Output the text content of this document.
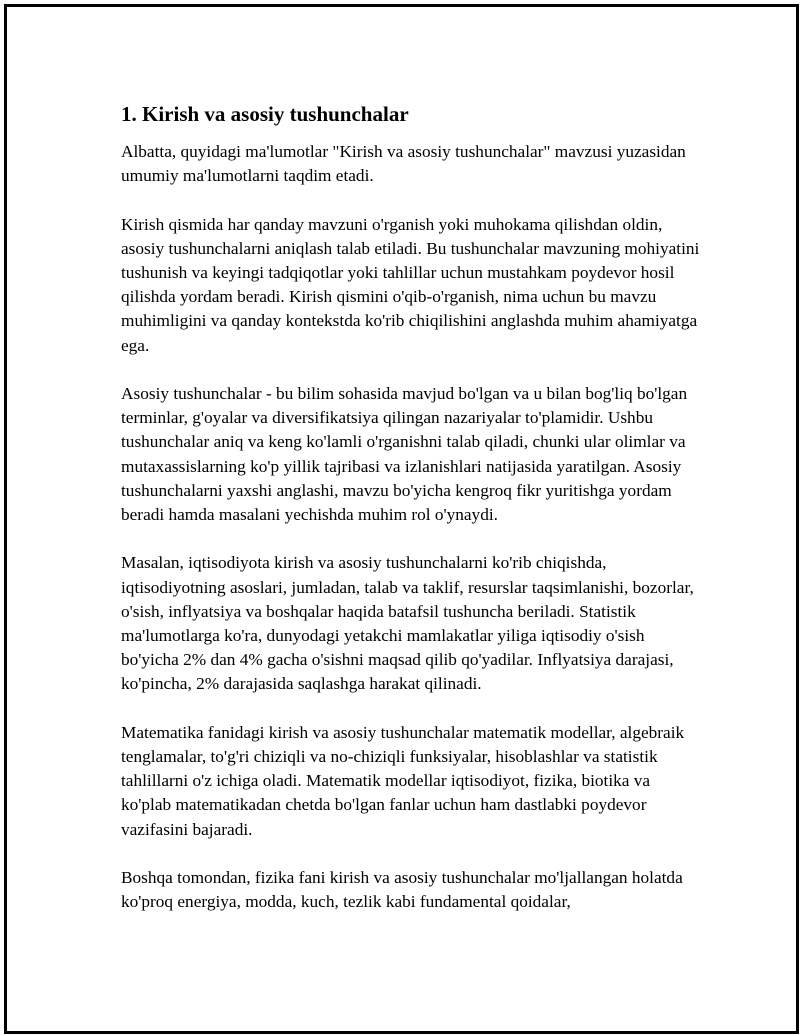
1. Kirish va asosiy tushunchalar

Albatta, quyidagi ma'lumotlar "Kirish va asosiy tushunchalar" mavzusi yuzasidan umumiy ma'lumotlarni taqdim etadi.

Kirish qismida har qanday mavzuni o'rganish yoki muhokama qilishdan oldin, asosiy tushunchalarni aniqlash talab etiladi. Bu tushunchalar mavzuning mohiyatini tushunish va keyingi tadqiqotlar yoki tahlillar uchun mustahkam poydevor hosil qilishda yordam beradi. Kirish qismini o'qib-o'rganish, nima uchun bu mavzu muhimligini va qanday kontekstda ko'rib chiqilishini anglashda muhim ahamiyatga ega.

Asosiy tushunchalar - bu bilim sohasida mavjud bo'lgan va u bilan bog'liq bo'lgan terminlar, g'oyalar va diversifikatsiya qilingan nazariyalar to'plamidir. Ushbu tushunchalar aniq va keng ko'lamli o'rganishni talab qiladi, chunki ular olimlar va mutaxassislarning ko'p yillik tajribasi va izlanishlari natijasida yaratilgan. Asosiy tushunchalarni yaxshi anglashi, mavzu bo'yicha kengroq fikr yuritishga yordam beradi hamda masalani yechishda muhim rol o'ynaydi.

Masalan, iqtisodiyota kirish va asosiy tushunchalarni ko'rib chiqishda, iqtisodiyotning asoslari, jumladan, talab va taklif, resurslar taqsimlanishi, bozorlar, o'sish, inflyatsiya va boshqalar haqida batafsil tushuncha beriladi. Statistik ma'lumotlarga ko'ra, dunyodagi yetakchi mamlakatlar yiliga iqtisodiy o'sish bo'yicha 2% dan 4% gacha o'sishni maqsad qilib qo'yadilar. Inflyatsiya darajasi, ko'pincha, 2% darajasida saqlashga harakat qilinadi.

Matematika fanidagi kirish va asosiy tushunchalar matematik modellar, algebraik tenglamalar, to'g'ri chiziqli va no-chiziqli funksiyalar, hisoblashlar va statistik tahlillarni o'z ichiga oladi. Matematik modellar iqtisodiyot, fizika, biotika va ko'plab matematikadan chetda bo'lgan fanlar uchun ham dastlabki poydevor vazifasini bajaradi.

Boshqa tomondan, fizika fani kirish va asosiy tushunchalar mo'ljallangan holatda ko'proq energiya, modda, kuch, tezlik kabi fundamental qoidalar,
